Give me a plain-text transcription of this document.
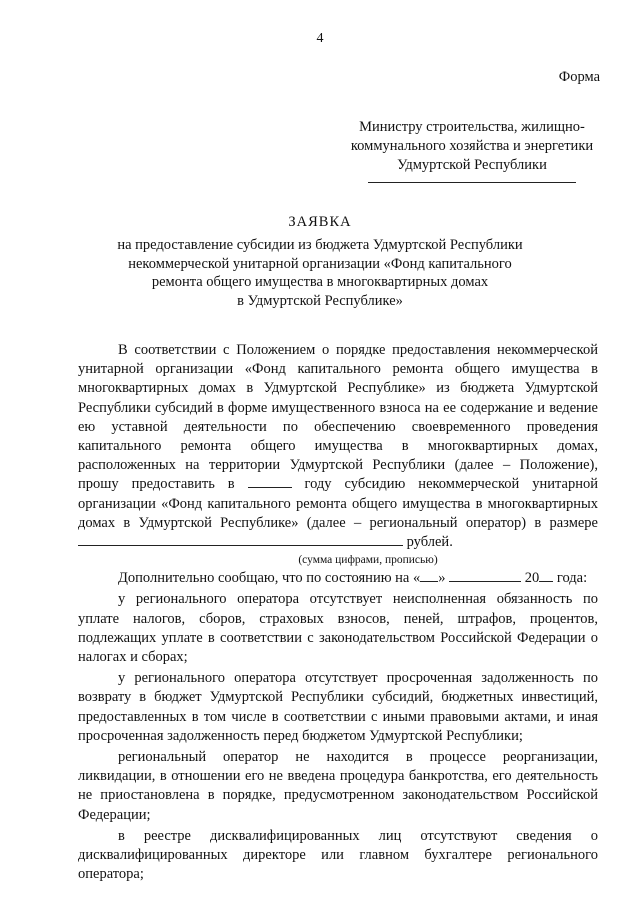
4
Форма
Министру строительства, жилищно-
коммунального хозяйства и энергетики
Удмуртской Республики
ЗАЯВКА
на предоставление субсидии из бюджета Удмуртской Республики
некоммерческой унитарной организации «Фонд капитального
ремонта общего имущества в многоквартирных домах
в Удмуртской Республике»

В соответствии с Положением о порядке предоставления некоммерческой унитарной организации «Фонд капитального ремонта общего имущества в многоквартирных домах в Удмуртской Республике» из бюджета Удмуртской Республики субсидий в форме имущественного взноса на ее содержание и ведение ею уставной деятельности по обеспечению своевременного проведения капитального ремонта общего имущества в многоквартирных домах, расположенных на территории Удмуртской Республики (далее – Положение), прошу предоставить в	году субсидию некоммерческой унитарной организации «Фонд капитального ремонта общего имущества в многоквартирных домах в Удмуртской Республике» (далее – региональный оператор) в размере  рублей.

(сумма цифрами, прописью)

Дополнительно сообщаю, что по состоянию на « »	20 года:

у регионального оператора отсутствует неисполненная обязанность по уплате налогов, сборов, страховых взносов, пеней, штрафов, процентов, подлежащих уплате в соответствии с законодательством Российской Федерации о налогах и сборах;

у регионального оператора отсутствует просроченная задолженность по возврату в бюджет Удмуртской Республики субсидий, бюджетных инвестиций, предоставленных в том числе в соответствии с иными правовыми актами, и иная просроченная задолженность перед бюджетом Удмуртской Республики;

региональный оператор не находится в процессе реорганизации, ликвидации, в отношении его не введена процедура банкротства, его деятельность не приостановлена в порядке, предусмотренном законодательством Российской Федерации;

в реестре дисквалифицированных лиц отсутствуют сведения о дисквалифицированных директоре или главном бухгалтере регионального оператора;
